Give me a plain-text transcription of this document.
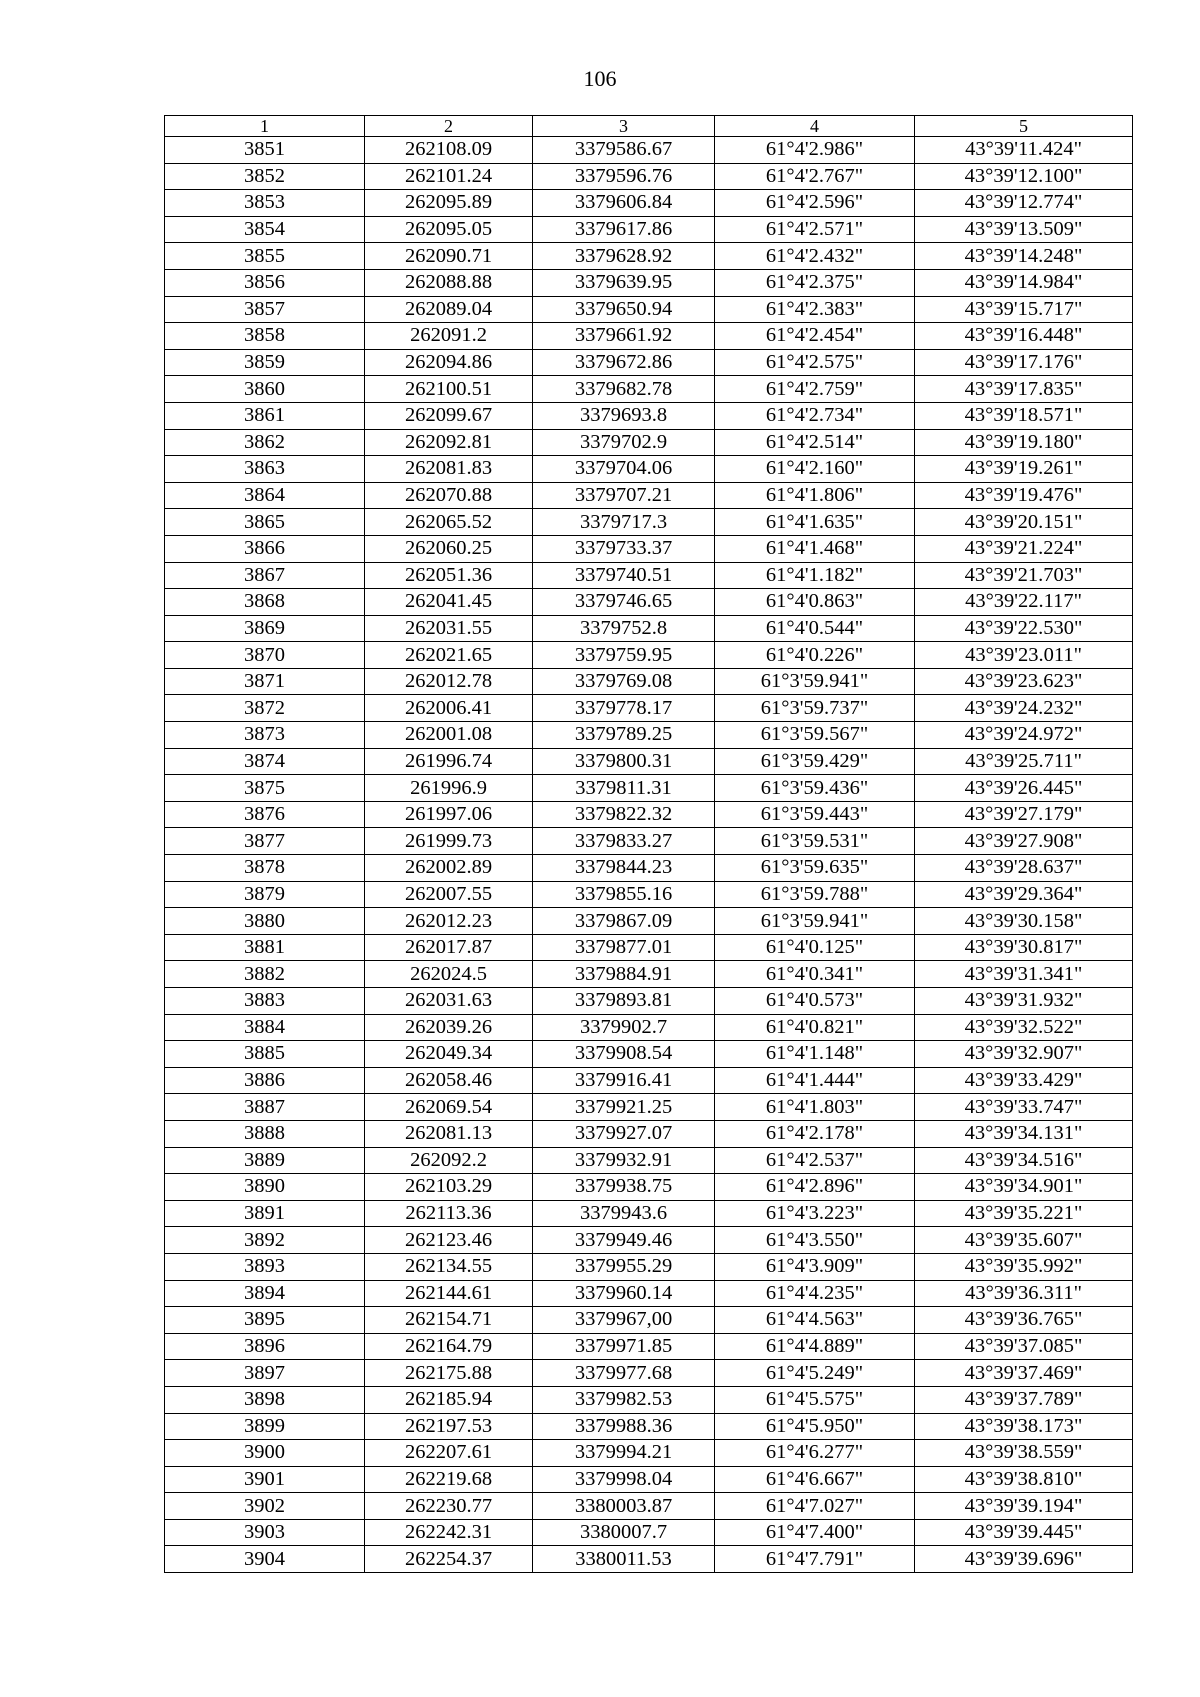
106
1	2	3	4	5
3851	262108.09	3379586.67	61°4'2.986"	43°39'11.424"
3852	262101.24	3379596.76	61°4'2.767"	43°39'12.100"
3853	262095.89	3379606.84	61°4'2.596"	43°39'12.774"
3854	262095.05	3379617.86	61°4'2.571"	43°39'13.509"
3855	262090.71	3379628.92	61°4'2.432"	43°39'14.248"
3856	262088.88	3379639.95	61°4'2.375"	43°39'14.984"
3857	262089.04	3379650.94	61°4'2.383"	43°39'15.717"
3858	262091.2	3379661.92	61°4'2.454"	43°39'16.448"
3859	262094.86	3379672.86	61°4'2.575"	43°39'17.176"
3860	262100.51	3379682.78	61°4'2.759"	43°39'17.835"
3861	262099.67	3379693.8	61°4'2.734"	43°39'18.571"
3862	262092.81	3379702.9	61°4'2.514"	43°39'19.180"
3863	262081.83	3379704.06	61°4'2.160"	43°39'19.261"
3864	262070.88	3379707.21	61°4'1.806"	43°39'19.476"
3865	262065.52	3379717.3	61°4'1.635"	43°39'20.151"
3866	262060.25	3379733.37	61°4'1.468"	43°39'21.224"
3867	262051.36	3379740.51	61°4'1.182"	43°39'21.703"
3868	262041.45	3379746.65	61°4'0.863"	43°39'22.117"
3869	262031.55	3379752.8	61°4'0.544"	43°39'22.530"
3870	262021.65	3379759.95	61°4'0.226"	43°39'23.011"
3871	262012.78	3379769.08	61°3'59.941"	43°39'23.623"
3872	262006.41	3379778.17	61°3'59.737"	43°39'24.232"
3873	262001.08	3379789.25	61°3'59.567"	43°39'24.972"
3874	261996.74	3379800.31	61°3'59.429"	43°39'25.711"
3875	261996.9	3379811.31	61°3'59.436"	43°39'26.445"
3876	261997.06	3379822.32	61°3'59.443"	43°39'27.179"
3877	261999.73	3379833.27	61°3'59.531"	43°39'27.908"
3878	262002.89	3379844.23	61°3'59.635"	43°39'28.637"
3879	262007.55	3379855.16	61°3'59.788"	43°39'29.364"
3880	262012.23	3379867.09	61°3'59.941"	43°39'30.158"
3881	262017.87	3379877.01	61°4'0.125"	43°39'30.817"
3882	262024.5	3379884.91	61°4'0.341"	43°39'31.341"
3883	262031.63	3379893.81	61°4'0.573"	43°39'31.932"
3884	262039.26	3379902.7	61°4'0.821"	43°39'32.522"
3885	262049.34	3379908.54	61°4'1.148"	43°39'32.907"
3886	262058.46	3379916.41	61°4'1.444"	43°39'33.429"
3887	262069.54	3379921.25	61°4'1.803"	43°39'33.747"
3888	262081.13	3379927.07	61°4'2.178"	43°39'34.131"
3889	262092.2	3379932.91	61°4'2.537"	43°39'34.516"
3890	262103.29	3379938.75	61°4'2.896"	43°39'34.901"
3891	262113.36	3379943.6	61°4'3.223"	43°39'35.221"
3892	262123.46	3379949.46	61°4'3.550"	43°39'35.607"
3893	262134.55	3379955.29	61°4'3.909"	43°39'35.992"
3894	262144.61	3379960.14	61°4'4.235"	43°39'36.311"
3895	262154.71	3379967,00	61°4'4.563"	43°39'36.765"
3896	262164.79	3379971.85	61°4'4.889"	43°39'37.085"
3897	262175.88	3379977.68	61°4'5.249"	43°39'37.469"
3898	262185.94	3379982.53	61°4'5.575"	43°39'37.789"
3899	262197.53	3379988.36	61°4'5.950"	43°39'38.173"
3900	262207.61	3379994.21	61°4'6.277"	43°39'38.559"
3901	262219.68	3379998.04	61°4'6.667"	43°39'38.810"
3902	262230.77	3380003.87	61°4'7.027"	43°39'39.194"
3903	262242.31	3380007.7	61°4'7.400"	43°39'39.445"
3904	262254.37	3380011.53	61°4'7.791"	43°39'39.696"
